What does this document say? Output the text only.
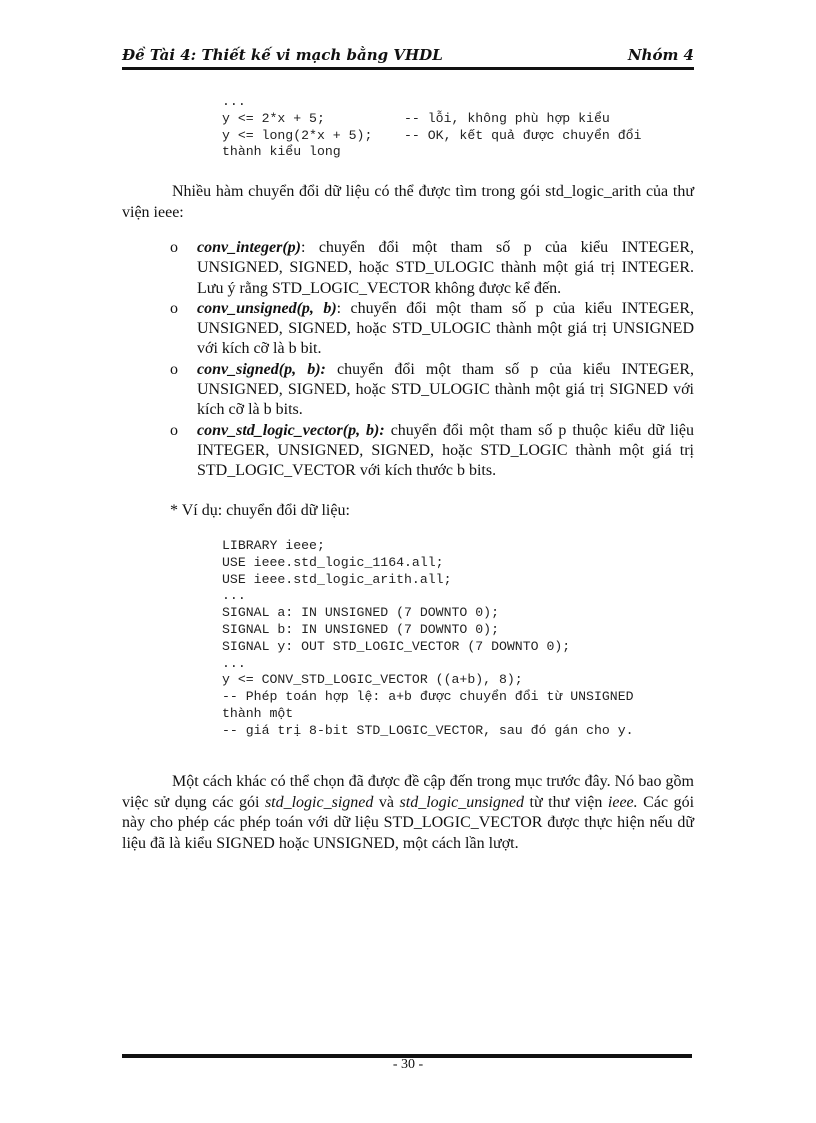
Đề Tài 4: Thiết kế vi mạch bằng VHDL	Nhóm 4
...
y <= 2*x + 5;          -- lỗi, không phù hợp kiểu
y <= long(2*x + 5);    -- OK, kết quả được chuyển đổi
thành kiểu long

Nhiều hàm chuyển đổi dữ liệu có thể được tìm trong gói std_logic_arith của thư viện ieee:

o conv_integer(p): chuyển đổi một tham số p của kiểu INTEGER, UNSIGNED, SIGNED, hoặc STD_ULOGIC thành một giá trị INTEGER. Lưu ý rằng STD_LOGIC_VECTOR không được kể đến.
o conv_unsigned(p, b): chuyển đổi một tham số p của kiểu INTEGER, UNSIGNED, SIGNED, hoặc STD_ULOGIC thành một giá trị UNSIGNED với kích cỡ là b bit.
o conv_signed(p, b): chuyển đổi một tham số p của kiểu INTEGER, UNSIGNED, SIGNED, hoặc STD_ULOGIC thành một giá trị SIGNED với kích cỡ là b bits.
o conv_std_logic_vector(p, b): chuyển đổi một tham số p thuộc kiểu dữ liệu INTEGER, UNSIGNED, SIGNED, hoặc STD_LOGIC thành một giá trị STD_LOGIC_VECTOR với kích thước b bits.

* Ví dụ: chuyển đổi dữ liệu:

LIBRARY ieee;
USE ieee.std_logic_1164.all;
USE ieee.std_logic_arith.all;
...
SIGNAL a: IN UNSIGNED (7 DOWNTO 0);
SIGNAL b: IN UNSIGNED (7 DOWNTO 0);
SIGNAL y: OUT STD_LOGIC_VECTOR (7 DOWNTO 0);
...
y <= CONV_STD_LOGIC_VECTOR ((a+b), 8);
-- Phép toán hợp lệ: a+b được chuyển đổi từ UNSIGNED
thành một
-- giá trị 8-bit STD_LOGIC_VECTOR, sau đó gán cho y.

Một cách khác có thể chọn đã được đề cập đến trong mục trước đây. Nó bao gồm việc sử dụng các gói std_logic_signed và std_logic_unsigned từ thư viện ieee. Các gói này cho phép các phép toán với dữ liệu STD_LOGIC_VECTOR được thực hiện nếu dữ liệu đã là kiểu SIGNED hoặc UNSIGNED, một cách lần lượt.

- 30 -
